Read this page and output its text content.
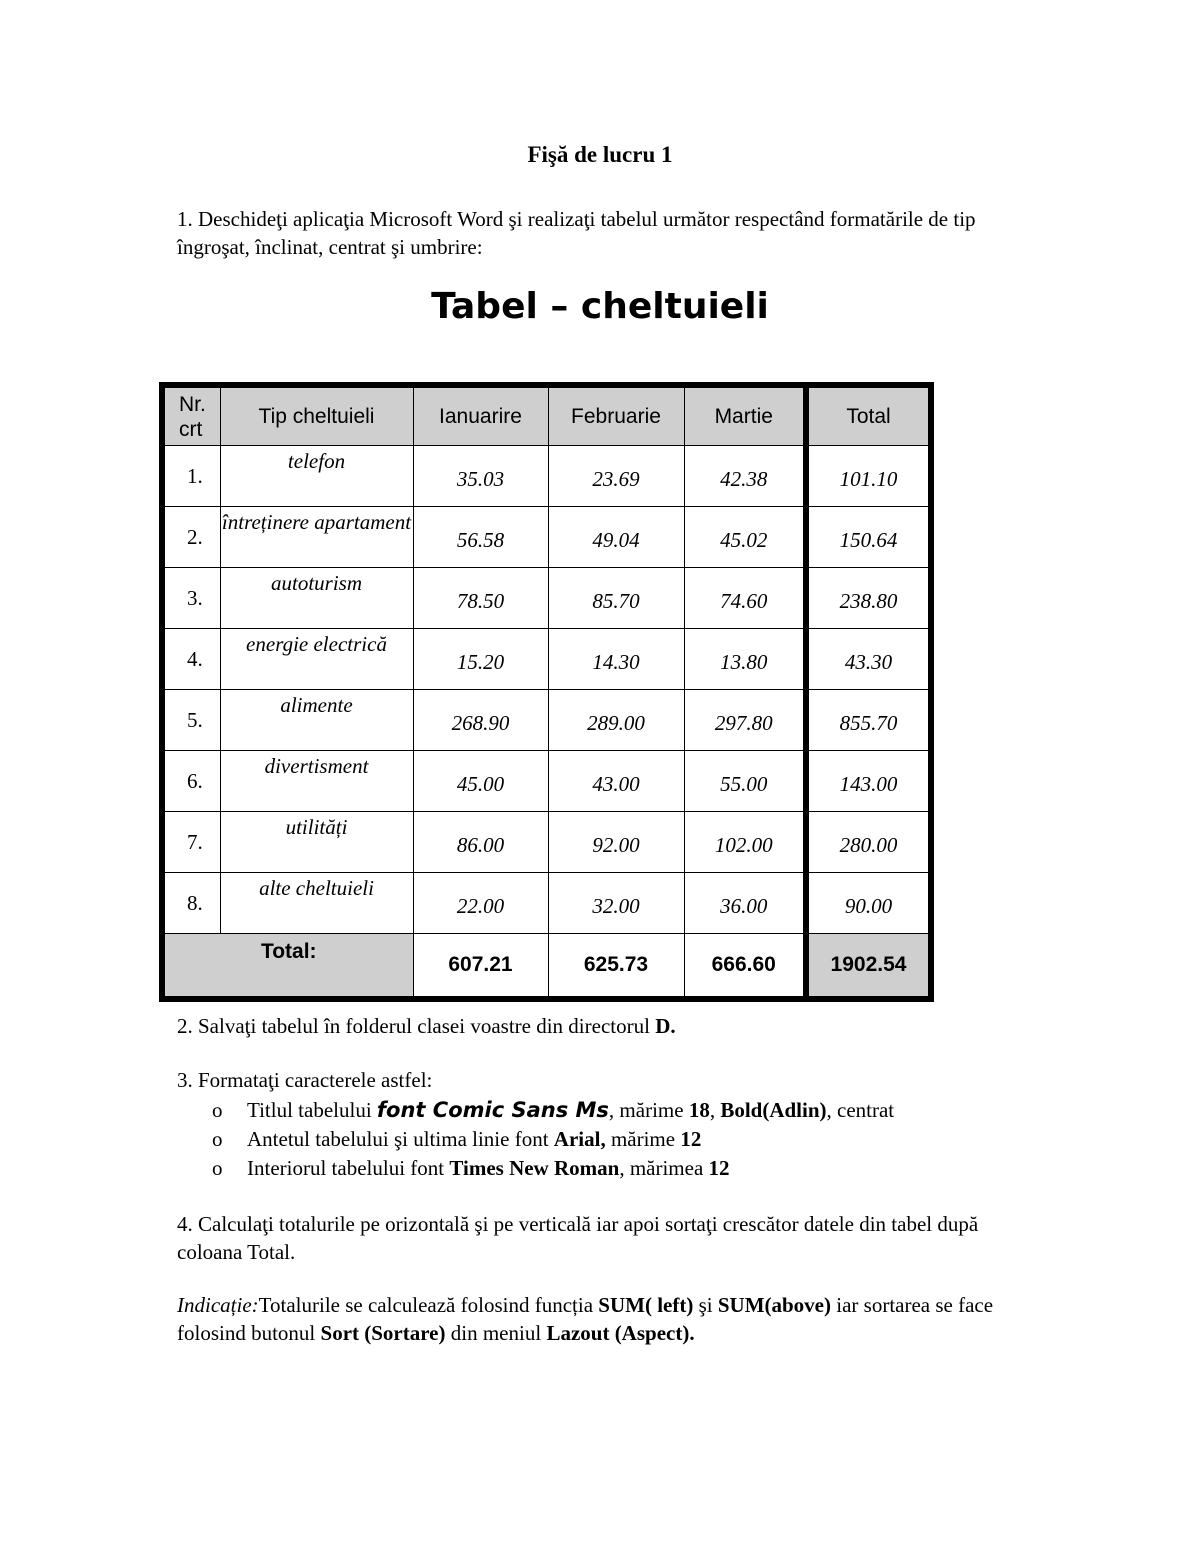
Fişă de lucru 1

1. Deschideţi aplicaţia Microsoft Word şi realizaţi tabelul următor respectând formatările de tip îngroşat, înclinat, centrat şi umbrire:

Tabel – cheltuieli
Nr. crt	Tip cheltuieli	Ianuarire	Februarie	Martie	Total
1.	telefon	35.03	23.69	42.38	101.10
2.	întreținere apartament	56.58	49.04	45.02	150.64
3.	autoturism	78.50	85.70	74.60	238.80
4.	energie electrică	15.20	14.30	13.80	43.30
5.	alimente	268.90	289.00	297.80	855.70
6.	divertisment	45.00	43.00	55.00	143.00
7.	utilități	86.00	92.00	102.00	280.00
8.	alte cheltuieli	22.00	32.00	36.00	90.00
Total:		607.21	625.73	666.60	1902.54

2. Salvaţi tabelul în folderul clasei voastre din directorul D.

3. Formataţi caracterele astfel:

o Titlul tabelului font Comic Sans Ms, mărime 18, Bold(Adlin), centrat
o Antetul tabelului şi ultima linie font Arial, mărime 12
o Interiorul tabelului font Times New Roman, mărimea 12

4. Calculaţi totalurile pe orizontală şi pe verticală iar apoi sortaţi crescător datele din tabel după coloana Total.

Indicație:Totalurile se calculează folosind funcția SUM( left) şi SUM(above) iar sortarea se face folosind butonul Sort (Sortare) din meniul Lazout (Aspect).
